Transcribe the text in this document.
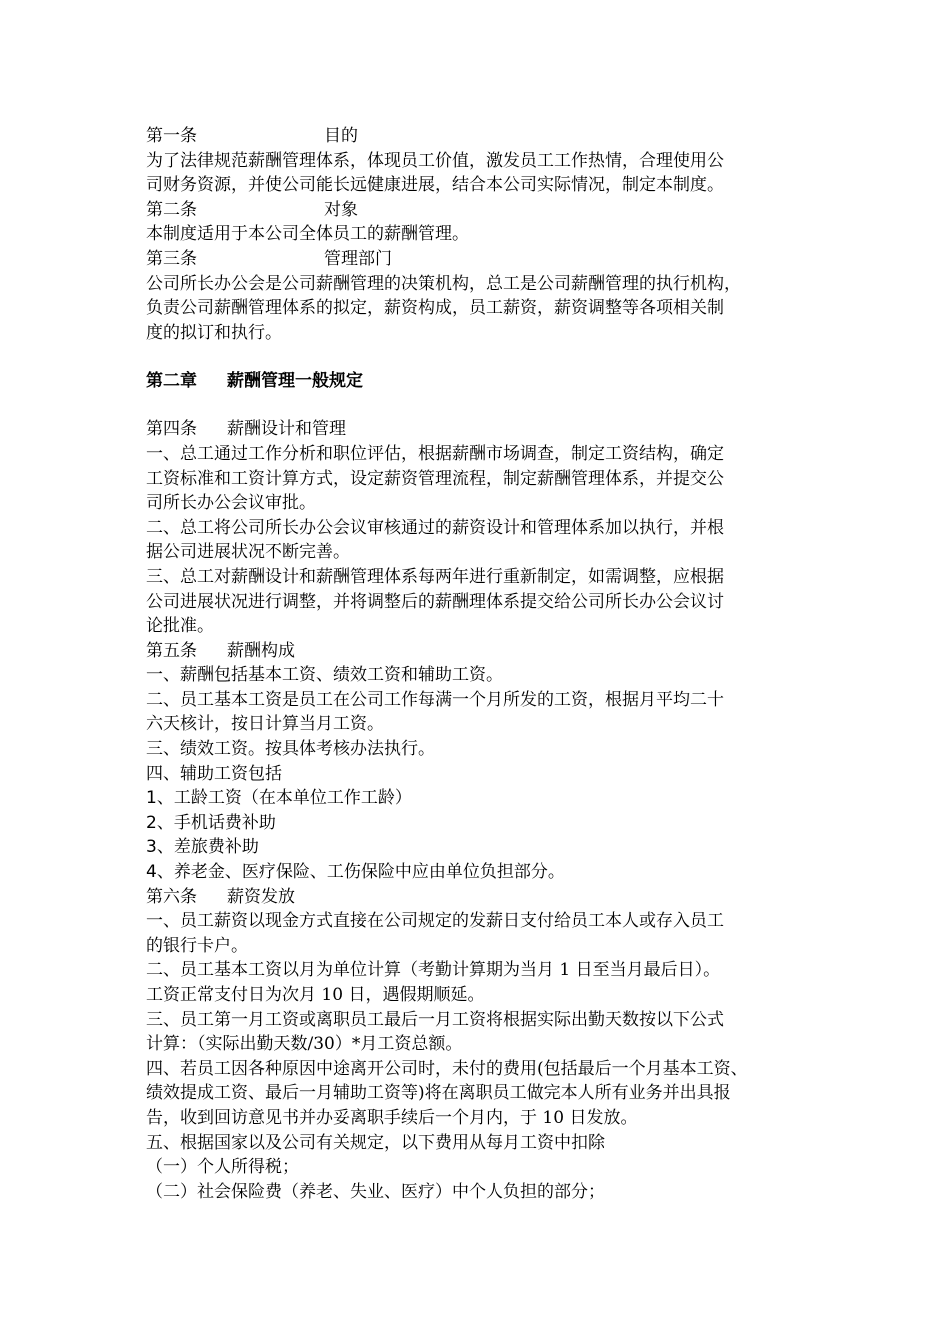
第一条	目的
为了法律规范薪酬管理体系，体现员工价值，激发员工工作热情，合理使用公
司财务资源，并使公司能长远健康进展，结合本公司实际情况，制定本制度。
第二条	对象
本制度适用于本公司全体员工的薪酬管理。
第三条	管理部门
公司所长办公会是公司薪酬管理的决策机构，总工是公司薪酬管理的执行机构，
负责公司薪酬管理体系的拟定，薪资构成，员工薪资，薪资调整等各项相关制
度的拟订和执行。
第二章	薪酬管理一般规定
第四条	薪酬设计和管理
一、总工通过工作分析和职位评估，根据薪酬市场调查，制定工资结构，确定
工资标准和工资计算方式，设定薪资管理流程，制定薪酬管理体系，并提交公
司所长办公会议审批。
二、总工将公司所长办公会议审核通过的薪资设计和管理体系加以执行，并根
据公司进展状况不断完善。
三、总工对薪酬设计和薪酬管理体系每两年进行重新制定，如需调整，应根据
公司进展状况进行调整，并将调整后的薪酬理体系提交给公司所长办公会议讨
论批准。
第五条	薪酬构成
一、薪酬包括基本工资、绩效工资和辅助工资。
二、员工基本工资是员工在公司工作每满一个月所发的工资，根据月平均二十
六天核计，按日计算当月工资。
三、绩效工资。按具体考核办法执行。
四、辅助工资包括
1、工龄工资（在本单位工作工龄）
2、手机话费补助
3、差旅费补助
4、养老金、医疗保险、工伤保险中应由单位负担部分。
第六条	薪资发放
一、员工薪资以现金方式直接在公司规定的发薪日支付给员工本人或存入员工
的银行卡户。
二、员工基本工资以月为单位计算（考勤计算期为当月 1 日至当月最后日）。
工资正常支付日为次月 10 日，遇假期顺延。
三、员工第一月工资或离职员工最后一月工资将根据实际出勤天数按以下公式
计算：（实际出勤天数/30）*月工资总额。
四、若员工因各种原因中途离开公司时，未付的费用(包括最后一个月基本工资、
绩效提成工资、最后一月辅助工资等)将在离职员工做完本人所有业务并出具报
告，收到回访意见书并办妥离职手续后一个月内，于 10 日发放。
五、根据国家以及公司有关规定，以下费用从每月工资中扣除
（一）个人所得税；
（二）社会保险费（养老、失业、医疗）中个人负担的部分；
